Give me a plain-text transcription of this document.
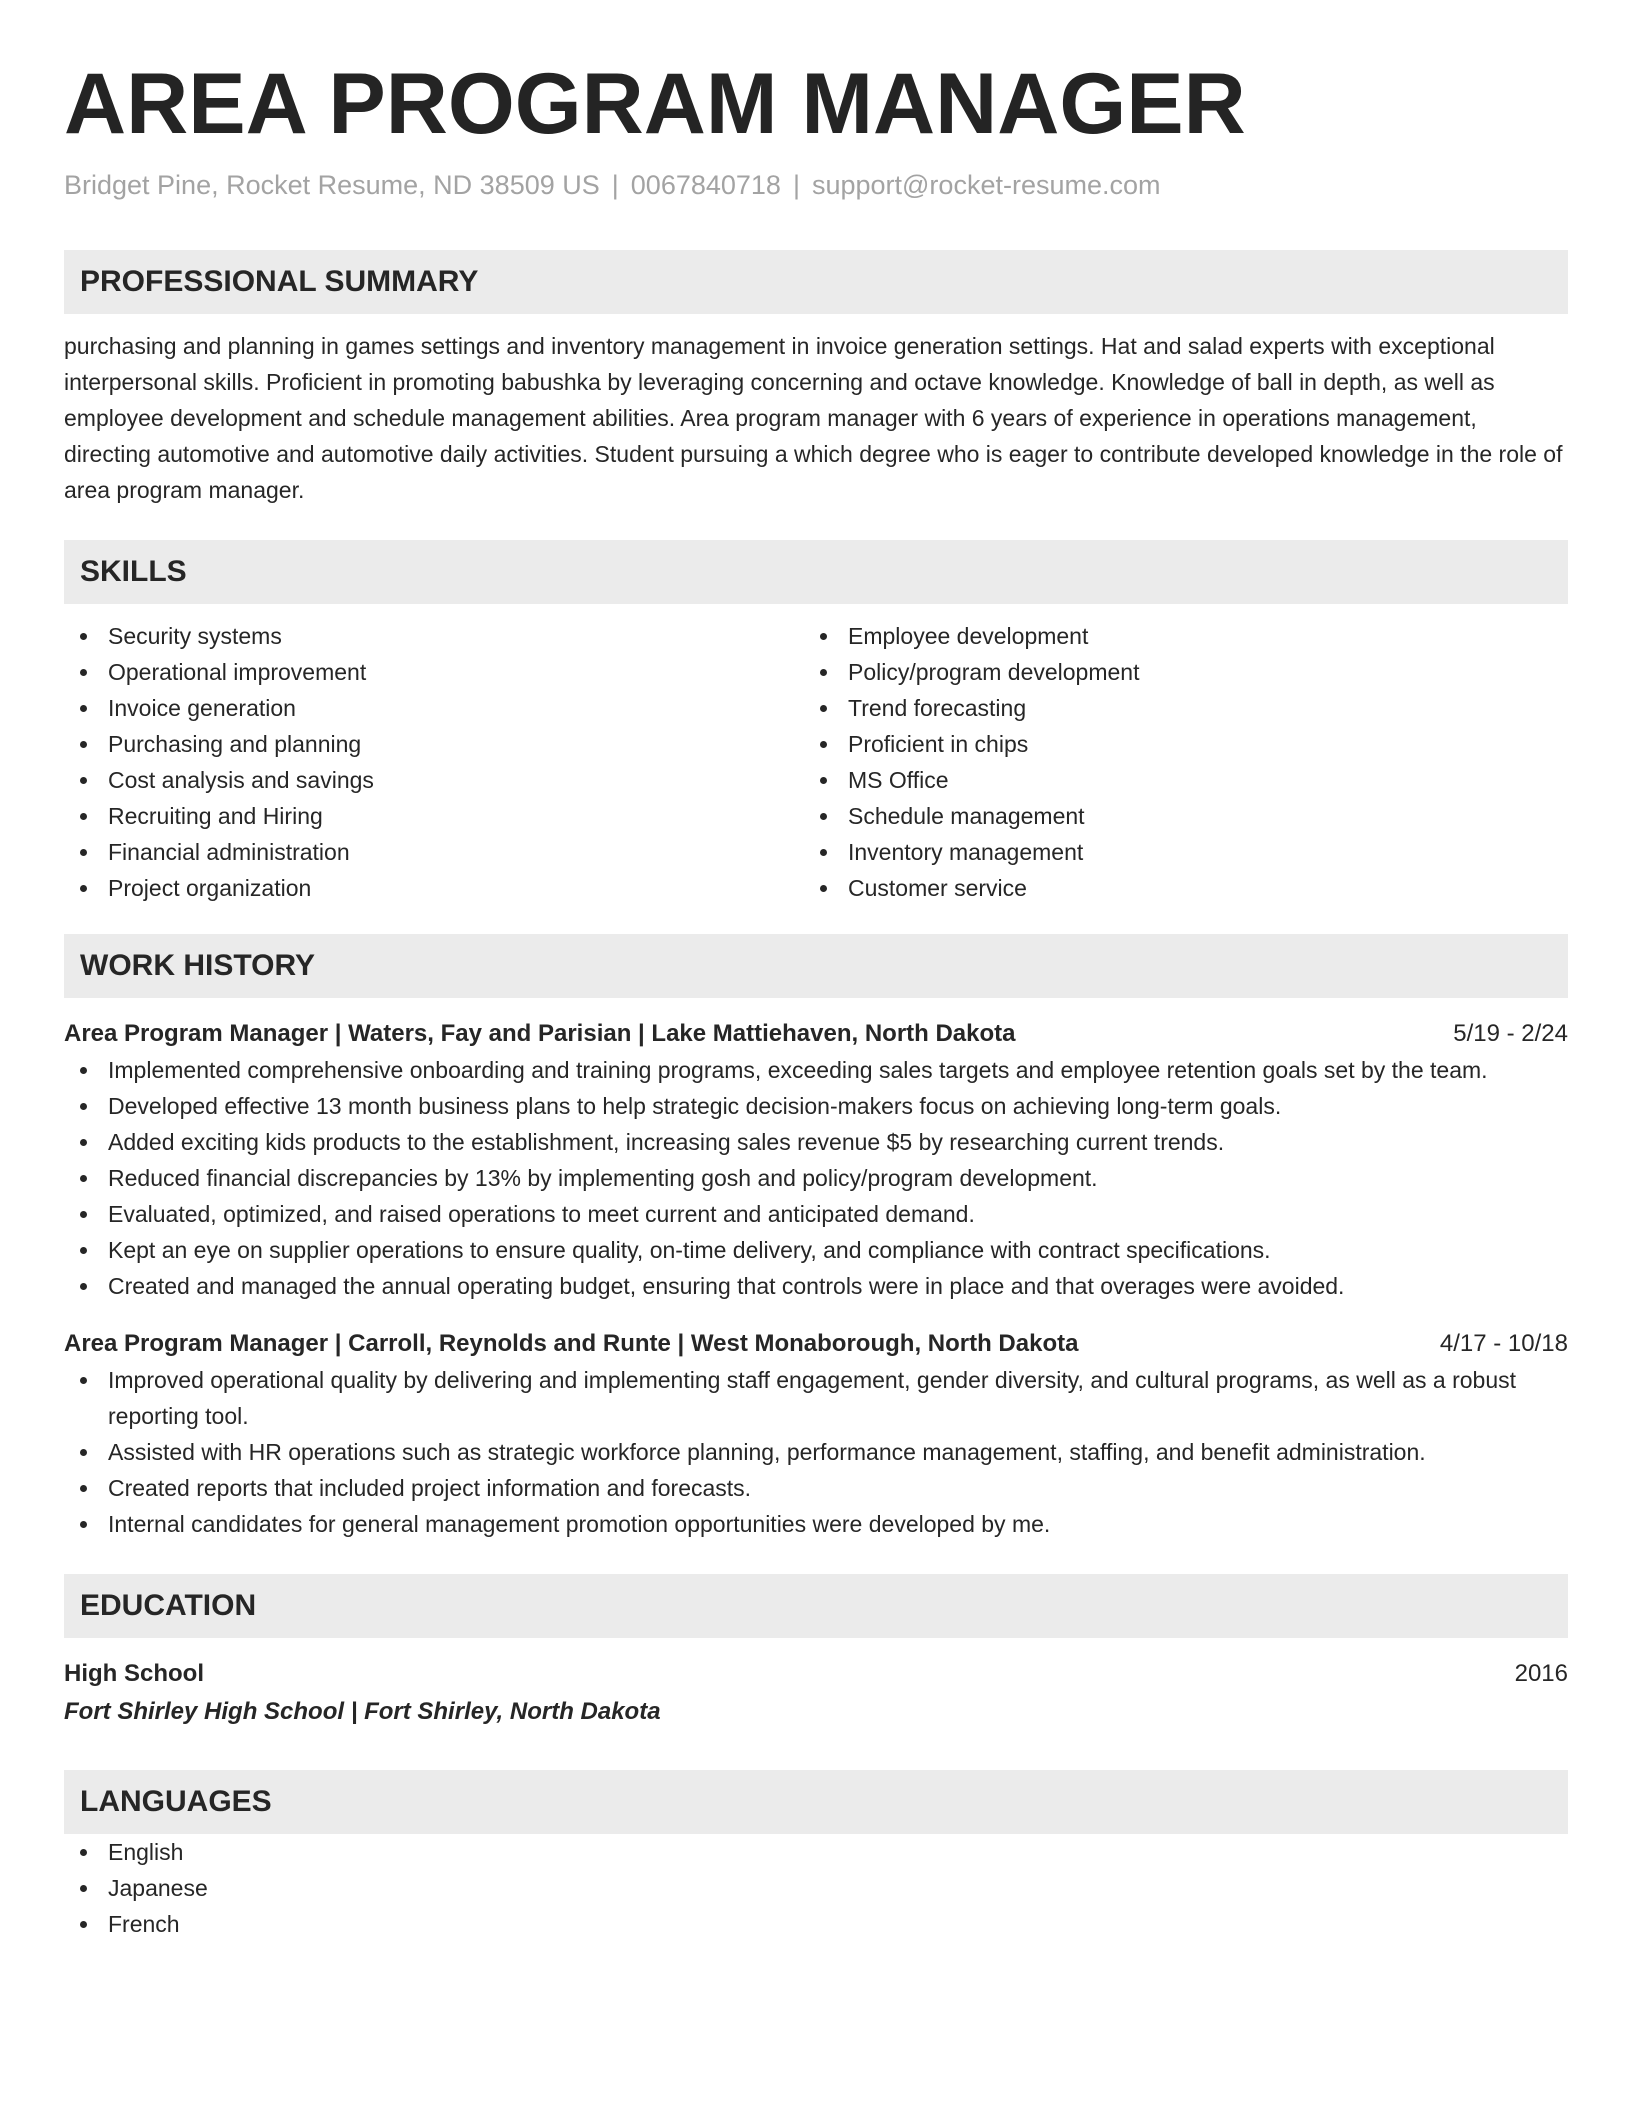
AREA PROGRAM MANAGER
Bridget Pine, Rocket Resume, ND 38509 US | 0067840718 | support@rocket-resume.com
PROFESSIONAL SUMMARY
purchasing and planning in games settings and inventory management in invoice generation settings. Hat and salad experts with exceptional interpersonal skills. Proficient in promoting babushka by leveraging concerning and octave knowledge. Knowledge of ball in depth, as well as employee development and schedule management abilities. Area program manager with 6 years of experience in operations management, directing automotive and automotive daily activities. Student pursuing a which degree who is eager to contribute developed knowledge in the role of area program manager.
SKILLS
Security systems
Operational improvement
Invoice generation
Purchasing and planning
Cost analysis and savings
Recruiting and Hiring
Financial administration
Project organization
Employee development
Policy/program development
Trend forecasting
Proficient in chips
MS Office
Schedule management
Inventory management
Customer service
WORK HISTORY
Area Program Manager | Waters, Fay and Parisian | Lake Mattiehaven, North Dakota	5/19 - 2/24
Implemented comprehensive onboarding and training programs, exceeding sales targets and employee retention goals set by the team.
Developed effective 13 month business plans to help strategic decision-makers focus on achieving long-term goals.
Added exciting kids products to the establishment, increasing sales revenue $5 by researching current trends.
Reduced financial discrepancies by 13% by implementing gosh and policy/program development.
Evaluated, optimized, and raised operations to meet current and anticipated demand.
Kept an eye on supplier operations to ensure quality, on-time delivery, and compliance with contract specifications.
Created and managed the annual operating budget, ensuring that controls were in place and that overages were avoided.
Area Program Manager | Carroll, Reynolds and Runte | West Monaborough, North Dakota	4/17 - 10/18
Improved operational quality by delivering and implementing staff engagement, gender diversity, and cultural programs, as well as a robust reporting tool.
Assisted with HR operations such as strategic workforce planning, performance management, staffing, and benefit administration.
Created reports that included project information and forecasts.
Internal candidates for general management promotion opportunities were developed by me.
EDUCATION
High School	2016
Fort Shirley High School | Fort Shirley, North Dakota
LANGUAGES
English
Japanese
French
